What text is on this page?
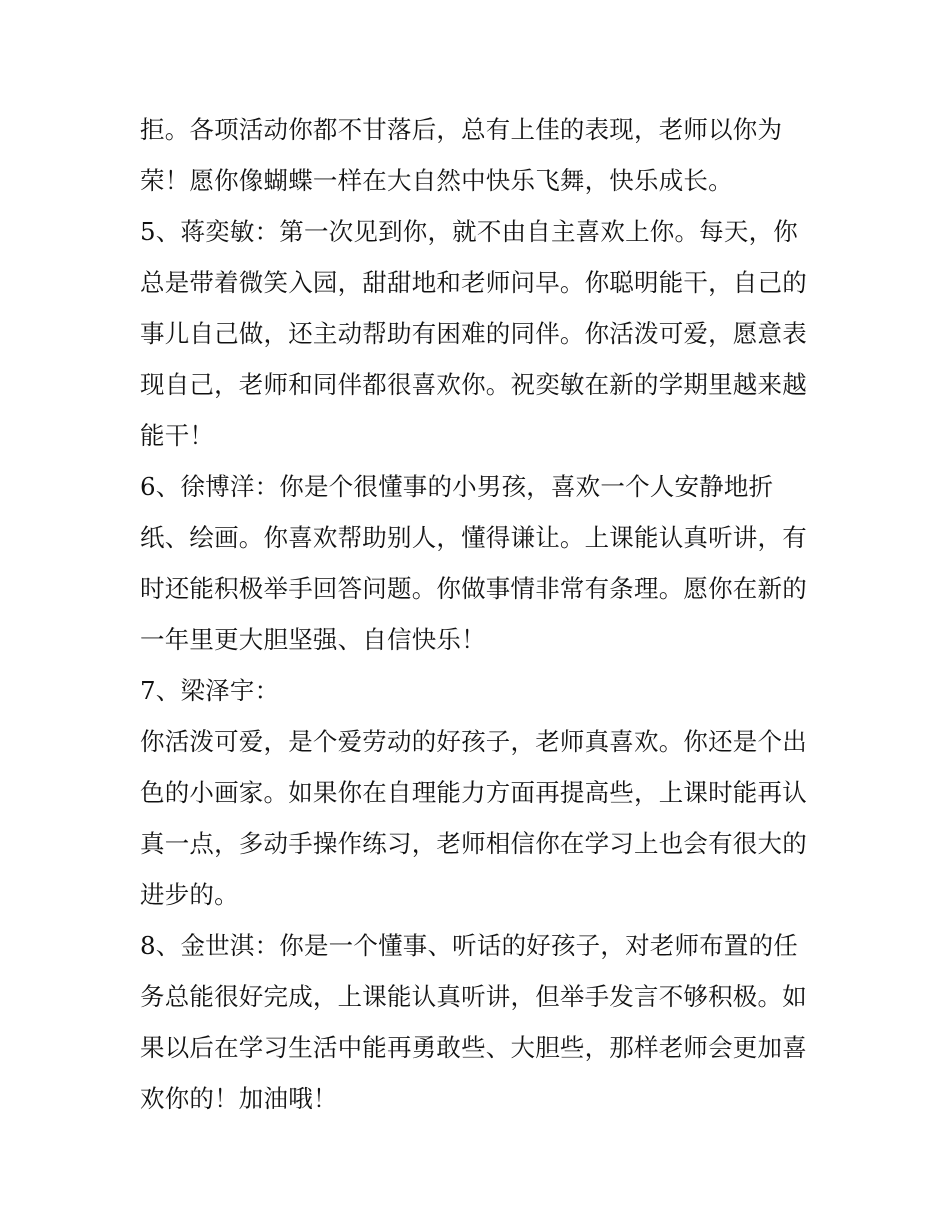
拒。各项活动你都不甘落后，总有上佳的表现，老师以你为
荣！愿你像蝴蝶一样在大自然中快乐飞舞，快乐成长。
5、蒋奕敏：第一次见到你，就不由自主喜欢上你。每天，你
总是带着微笑入园，甜甜地和老师问早。你聪明能干，自己的
事儿自己做，还主动帮助有困难的同伴。你活泼可爱，愿意表
现自己，老师和同伴都很喜欢你。祝奕敏在新的学期里越来越
能干！
6、徐博洋：你是个很懂事的小男孩，喜欢一个人安静地折
纸、绘画。你喜欢帮助别人，懂得谦让。上课能认真听讲，有
时还能积极举手回答问题。你做事情非常有条理。愿你在新的
一年里更大胆坚强、自信快乐！
7、梁泽宇：
你活泼可爱，是个爱劳动的好孩子，老师真喜欢。你还是个出
色的小画家。如果你在自理能力方面再提高些，上课时能再认
真一点，多动手操作练习，老师相信你在学习上也会有很大的
进步的。
8、金世淇：你是一个懂事、听话的好孩子，对老师布置的任
务总能很好完成，上课能认真听讲，但举手发言不够积极。如
果以后在学习生活中能再勇敢些、大胆些，那样老师会更加喜
欢你的！加油哦！
